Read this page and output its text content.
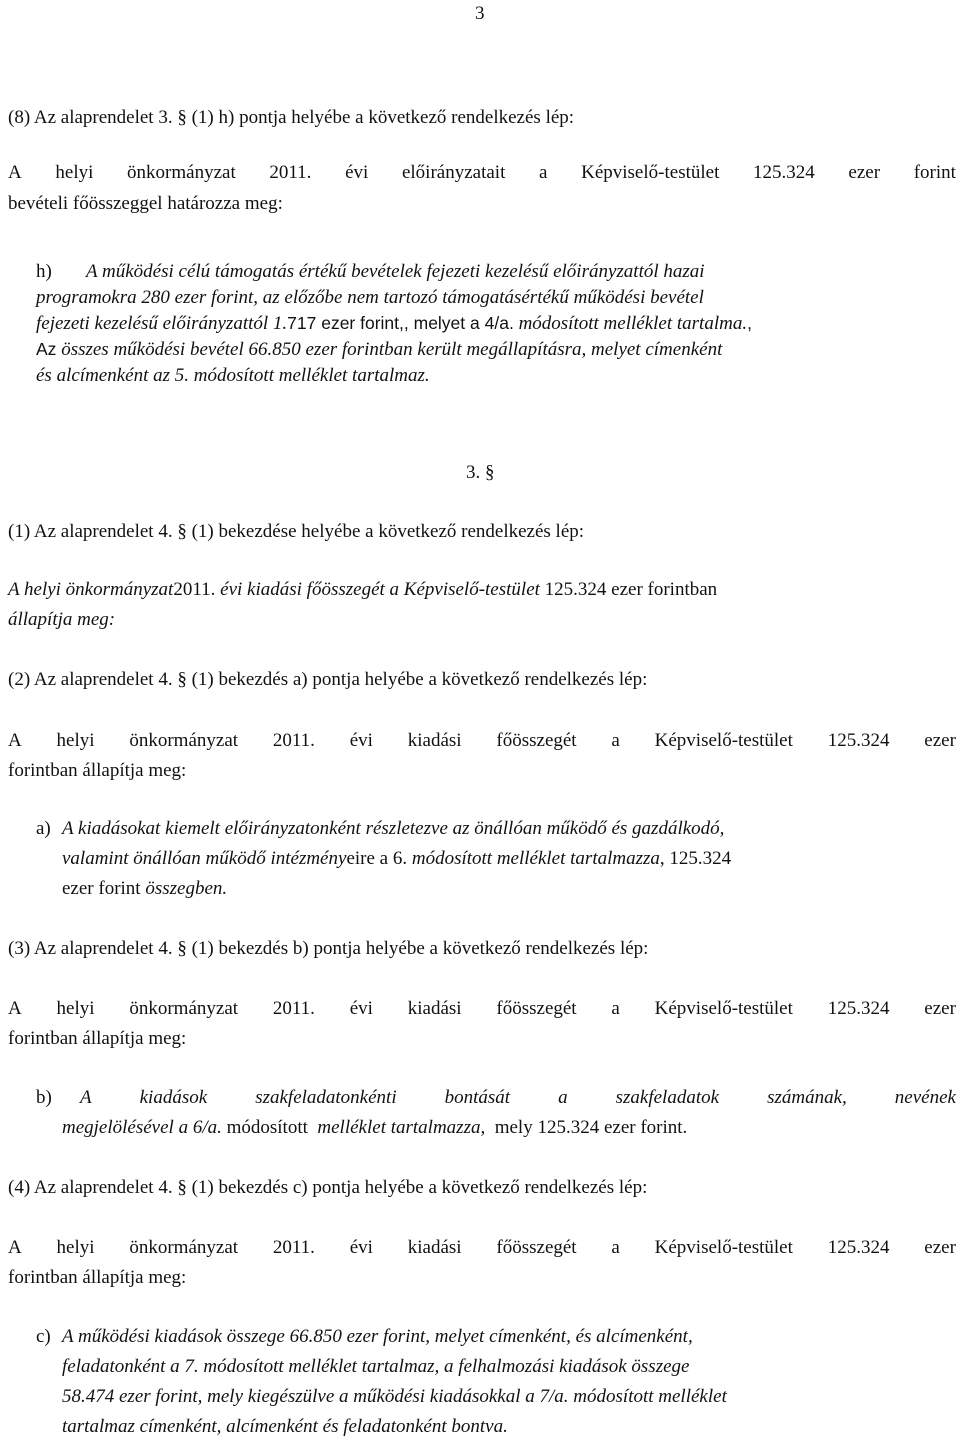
3
(8) Az alaprendelet 3. § (1) h) pontja helyébe a következő rendelkezés lép:
A helyi önkormányzat 2011. évi előirányzatait a Képviselő-testület 125.324 ezer forint
bevételi főösszeggel határozza meg:
h) A működési célú támogatás értékű bevételek fejezeti kezelésű előirányzattól hazai
programokra 280 ezer forint, az előzőbe nem tartozó támogatásértékű működési bevétel
fejezeti kezelésű előirányzattól 1.717 ezer forint,, melyet a 4/a. módosított melléklet tartalma.,
Az összes működési bevétel 66.850 ezer forintban került megállapításra, melyet címenként
és alcímenként az 5. módosított melléklet tartalmaz.
3. §
(1) Az alaprendelet 4. § (1) bekezdése helyébe a következő rendelkezés lép:
A helyi önkormányzat2011. évi kiadási főösszegét a Képviselő-testület 125.324 ezer forintban
állapítja meg:
(2) Az alaprendelet 4. § (1) bekezdés a) pontja helyébe a következő rendelkezés lép:
A helyi önkormányzat 2011. évi kiadási főösszegét a Képviselő-testület 125.324 ezer
forintban állapítja meg:
a) A kiadásokat kiemelt előirányzatonként részletezve az önállóan működő és gazdálkodó,
valamint önállóan működő intézményeire a 6. módosított melléklet tartalmazza, 125.324
ezer forint összegben.
(3) Az alaprendelet 4. § (1) bekezdés b) pontja helyébe a következő rendelkezés lép:
A helyi önkormányzat 2011. évi kiadási főösszegét a Képviselő-testület 125.324 ezer
forintban állapítja meg:
b) A	kiadások	szakfeladatonkénti	bontását	a	szakfeladatok	számának,	nevének
megjelölésével a 6/a. módosított melléklet tartalmazza, mely 125.324 ezer forint.
(4) Az alaprendelet 4. § (1) bekezdés c) pontja helyébe a következő rendelkezés lép:
A helyi önkormányzat 2011. évi kiadási főösszegét a Képviselő-testület 125.324 ezer
forintban állapítja meg:
c) A működési kiadások összege 66.850 ezer forint, melyet címenként, és alcímenként,
feladatonként a 7. módosított melléklet tartalmaz, a felhalmozási kiadások összege
58.474 ezer forint, mely kiegészülve a működési kiadásokkal a 7/a. módosított melléklet
tartalmaz címenként, alcímenként és feladatonként bontva.
